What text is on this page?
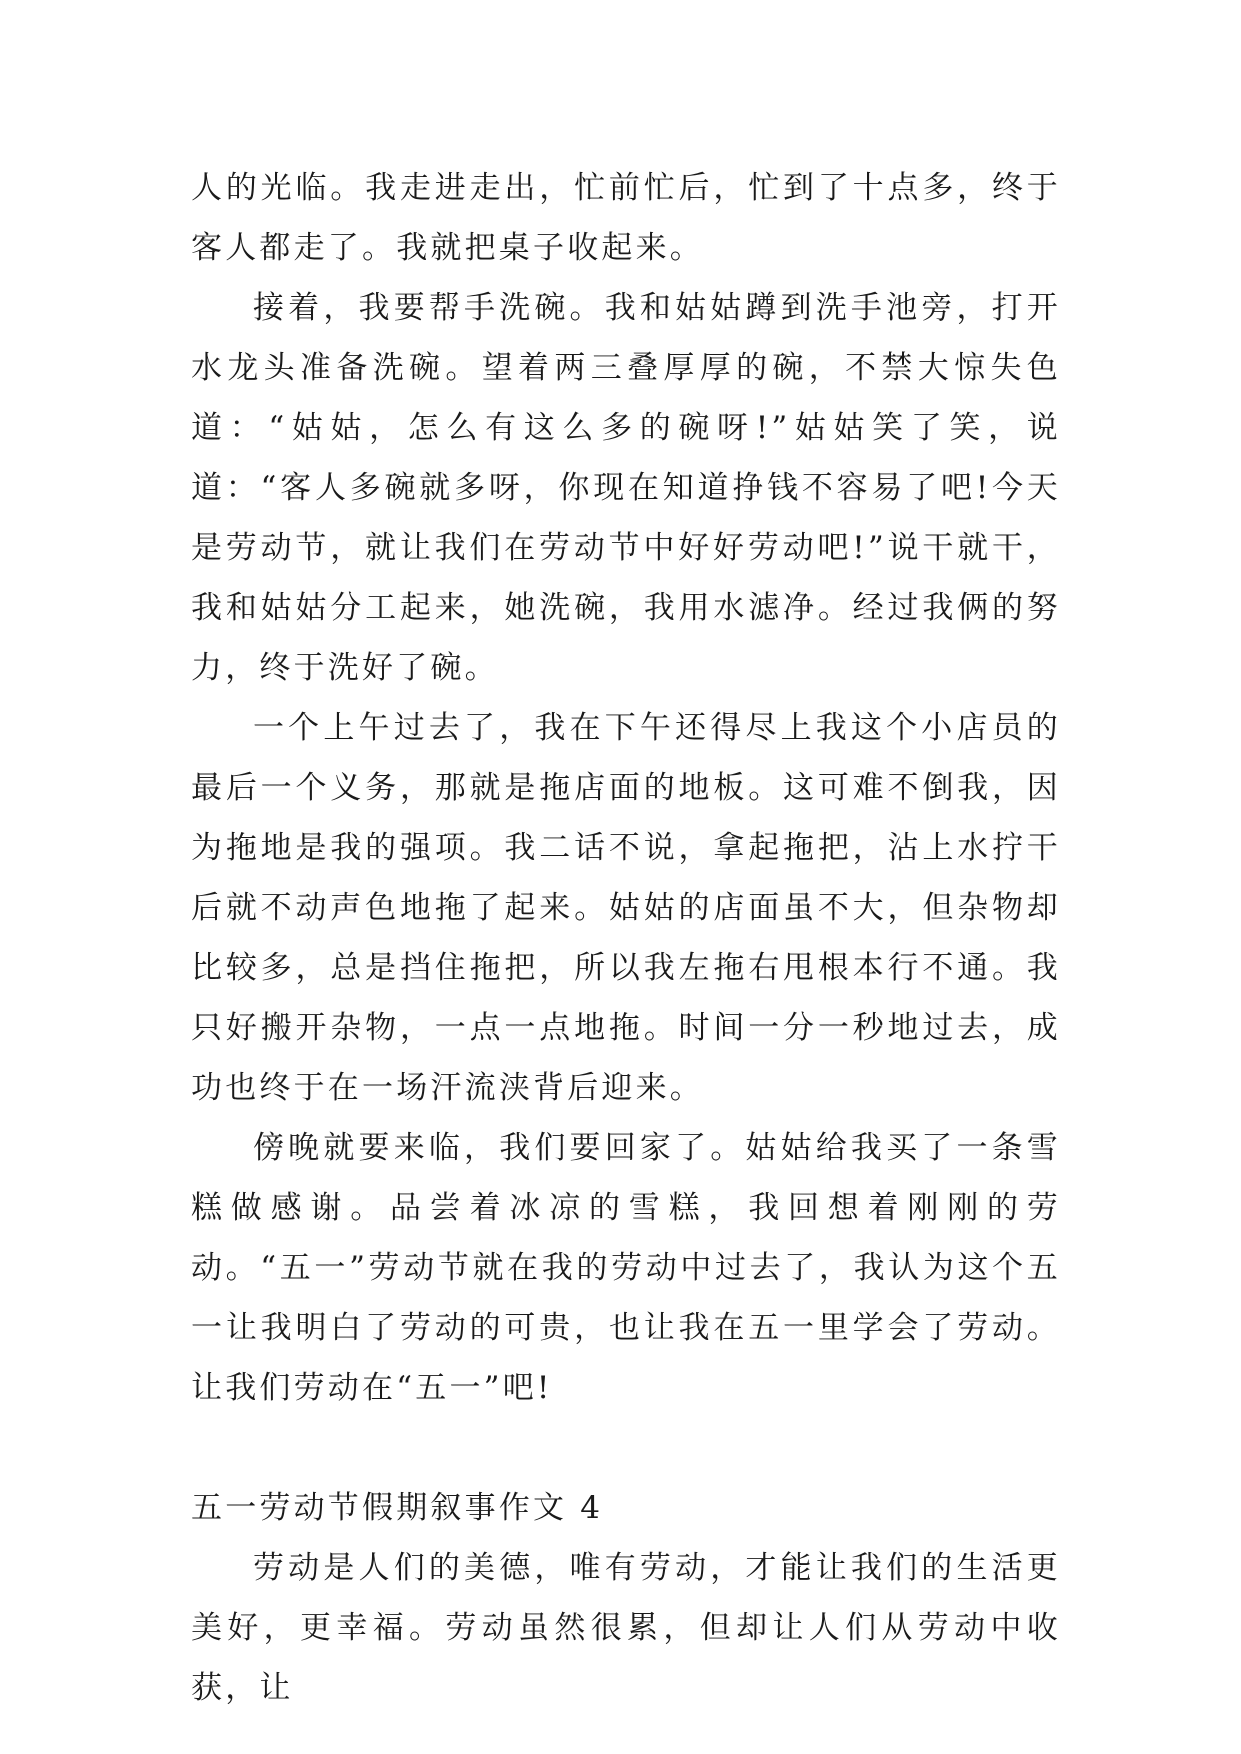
人的光临。我走进走出，忙前忙后，忙到了十点多，终于客人都走了。我就把桌子收起来。

接着，我要帮手洗碗。我和姑姑蹲到洗手池旁，打开水龙头准备洗碗。望着两三叠厚厚的碗，不禁大惊失色道：“姑姑，怎么有这么多的碗呀!”姑姑笑了笑，说道：“客人多碗就多呀，你现在知道挣钱不容易了吧!今天是劳动节，就让我们在劳动节中好好劳动吧!”说干就干，我和姑姑分工起来，她洗碗，我用水滤净。经过我俩的努力，终于洗好了碗。

一个上午过去了，我在下午还得尽上我这个小店员的最后一个义务，那就是拖店面的地板。这可难不倒我，因为拖地是我的强项。我二话不说，拿起拖把，沾上水拧干后就不动声色地拖了起来。姑姑的店面虽不大，但杂物却比较多，总是挡住拖把，所以我左拖右甩根本行不通。我只好搬开杂物，一点一点地拖。时间一分一秒地过去，成功也终于在一场汗流浃背后迎来。

傍晚就要来临，我们要回家了。姑姑给我买了一条雪糕做感谢。品尝着冰凉的雪糕，我回想着刚刚的劳动。“五一”劳动节就在我的劳动中过去了，我认为这个五一让我明白了劳动的可贵，也让我在五一里学会了劳动。让我们劳动在“五一”吧!

五一劳动节假期叙事作文 4

劳动是人们的美德，唯有劳动，才能让我们的生活更美好，更幸福。劳动虽然很累，但却让人们从劳动中收获，让
